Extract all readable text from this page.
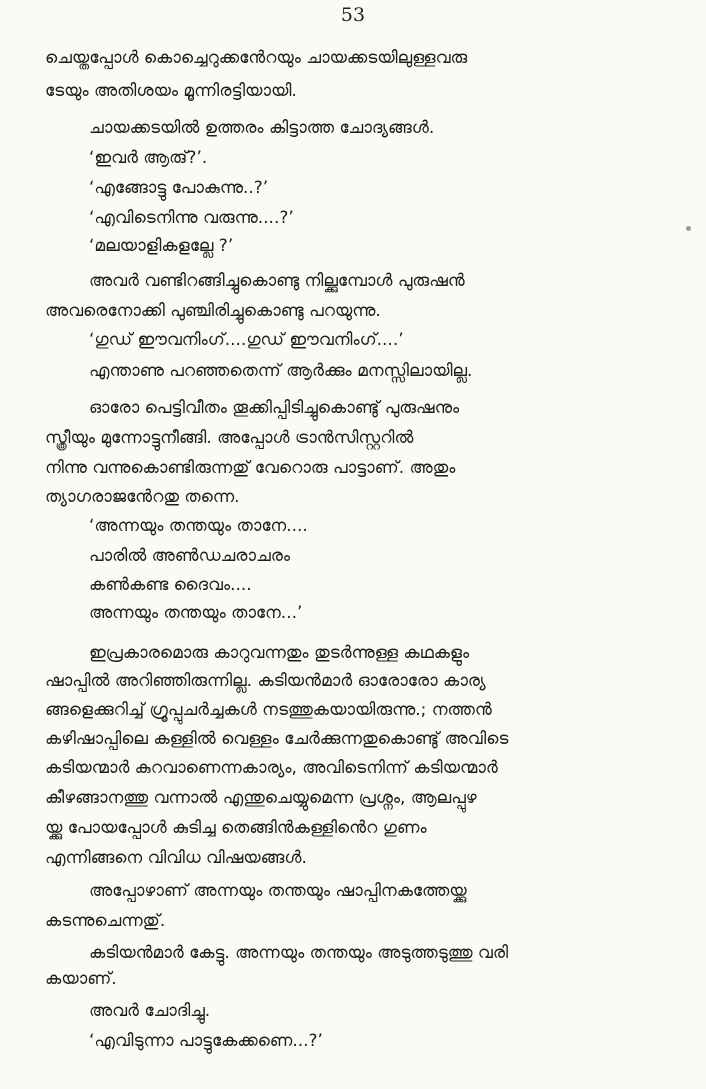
53
ചെയ്തപ്പോൾ കൊച്ചെറുക്കൻേറയും ചായക്കടയിലുള്ളവരു
ടേയും അതിശയം മൂന്നിരട്ടിയായി.
ചായക്കടയിൽ ഉത്തരം കിട്ടാത്ത ചോദ്യങ്ങൾ.
‘ഇവർ ആരു്?’.
‘എങ്ങോട്ടു പോകുന്നു..?’
‘എവിടെനിന്നു വരുന്നു....?’
‘മലയാളികളല്ലേ ?’
അവർ വണ്ടിറങ്ങിച്ചുകൊണ്ടു നില്ക്കുമ്പോൾ പുരുഷൻ
അവരെനോക്കി പുഞ്ചിരിച്ചുകൊണ്ടു പറയുന്നു.
‘ഗുഡ് ഈവനിംഗ്....ഗുഡ് ഈവനിംഗ്....’
എന്താണു പറഞ്ഞതെന്ന് ആർക്കും മനസ്സിലായില്ല.
ഓരോ പെട്ടിവീതം തൂക്കിപ്പിടിച്ചുകൊണ്ടു് പുരുഷനും
സ്ത്രീയും മുന്നോട്ടുനീങ്ങി. അപ്പോൾ ട്രാൻസിസ്റ്ററിൽ
നിന്നു വന്നുകൊണ്ടിരുന്നതു് വേറൊരു പാട്ടാണ്. അതും
ത്യാഗരാജൻേറതു തന്നെ.
‘അന്നയും തന്തയും താനേ....
പാരിൽ അൺഡചരാചരം
കൺകണ്ട ദൈവം....
അന്നയും തന്തയും താനേ...’
ഇപ്രകാരമൊരു കാറുവന്നതും തുടർന്നുള്ള കഥകളും
ഷാപ്പിൽ അറിഞ്ഞിരുന്നില്ല. കടിയൻമാർ ഓരോരോ കാര്യ
ങ്ങളെക്കുറിച്ച് ഗ്രൂപ്പുചർച്ചകൾ നടത്തുകയായിരുന്നു.; നത്തൻ
കഴിഷാപ്പിലെ കള്ളിൽ വെള്ളം ചേർക്കുന്നതുകൊണ്ടു് അവിടെ
കടിയന്മാർ കുറവാണെന്നകാര്യം, അവിടെനിന്ന് കടിയന്മാർ
കീഴങ്ങാനത്തു വന്നാൽ എന്തുചെയ്യുമെന്ന പ്രശ്നം, ആലപ്പുഴ
യ്ക്കു പോയപ്പോൾ കുടിച്ച തെങ്ങിൻകള്ളിൻെറ ഗുണം
എന്നിങ്ങനെ വിവിധ വിഷയങ്ങൾ.
അപ്പോഴാണ് അന്നയും തന്തയും ഷാപ്പിനകത്തേയ്ക്കു
കടന്നുചെന്നതു്.
കടിയൻമാർ കേട്ടു. അന്നയും തന്തയും അടുത്തടുത്തു വരി
കയാണ്.
അവർ ചോദിച്ചു.
‘എവിടുന്നാ പാട്ടുകേക്കണെ...?’
